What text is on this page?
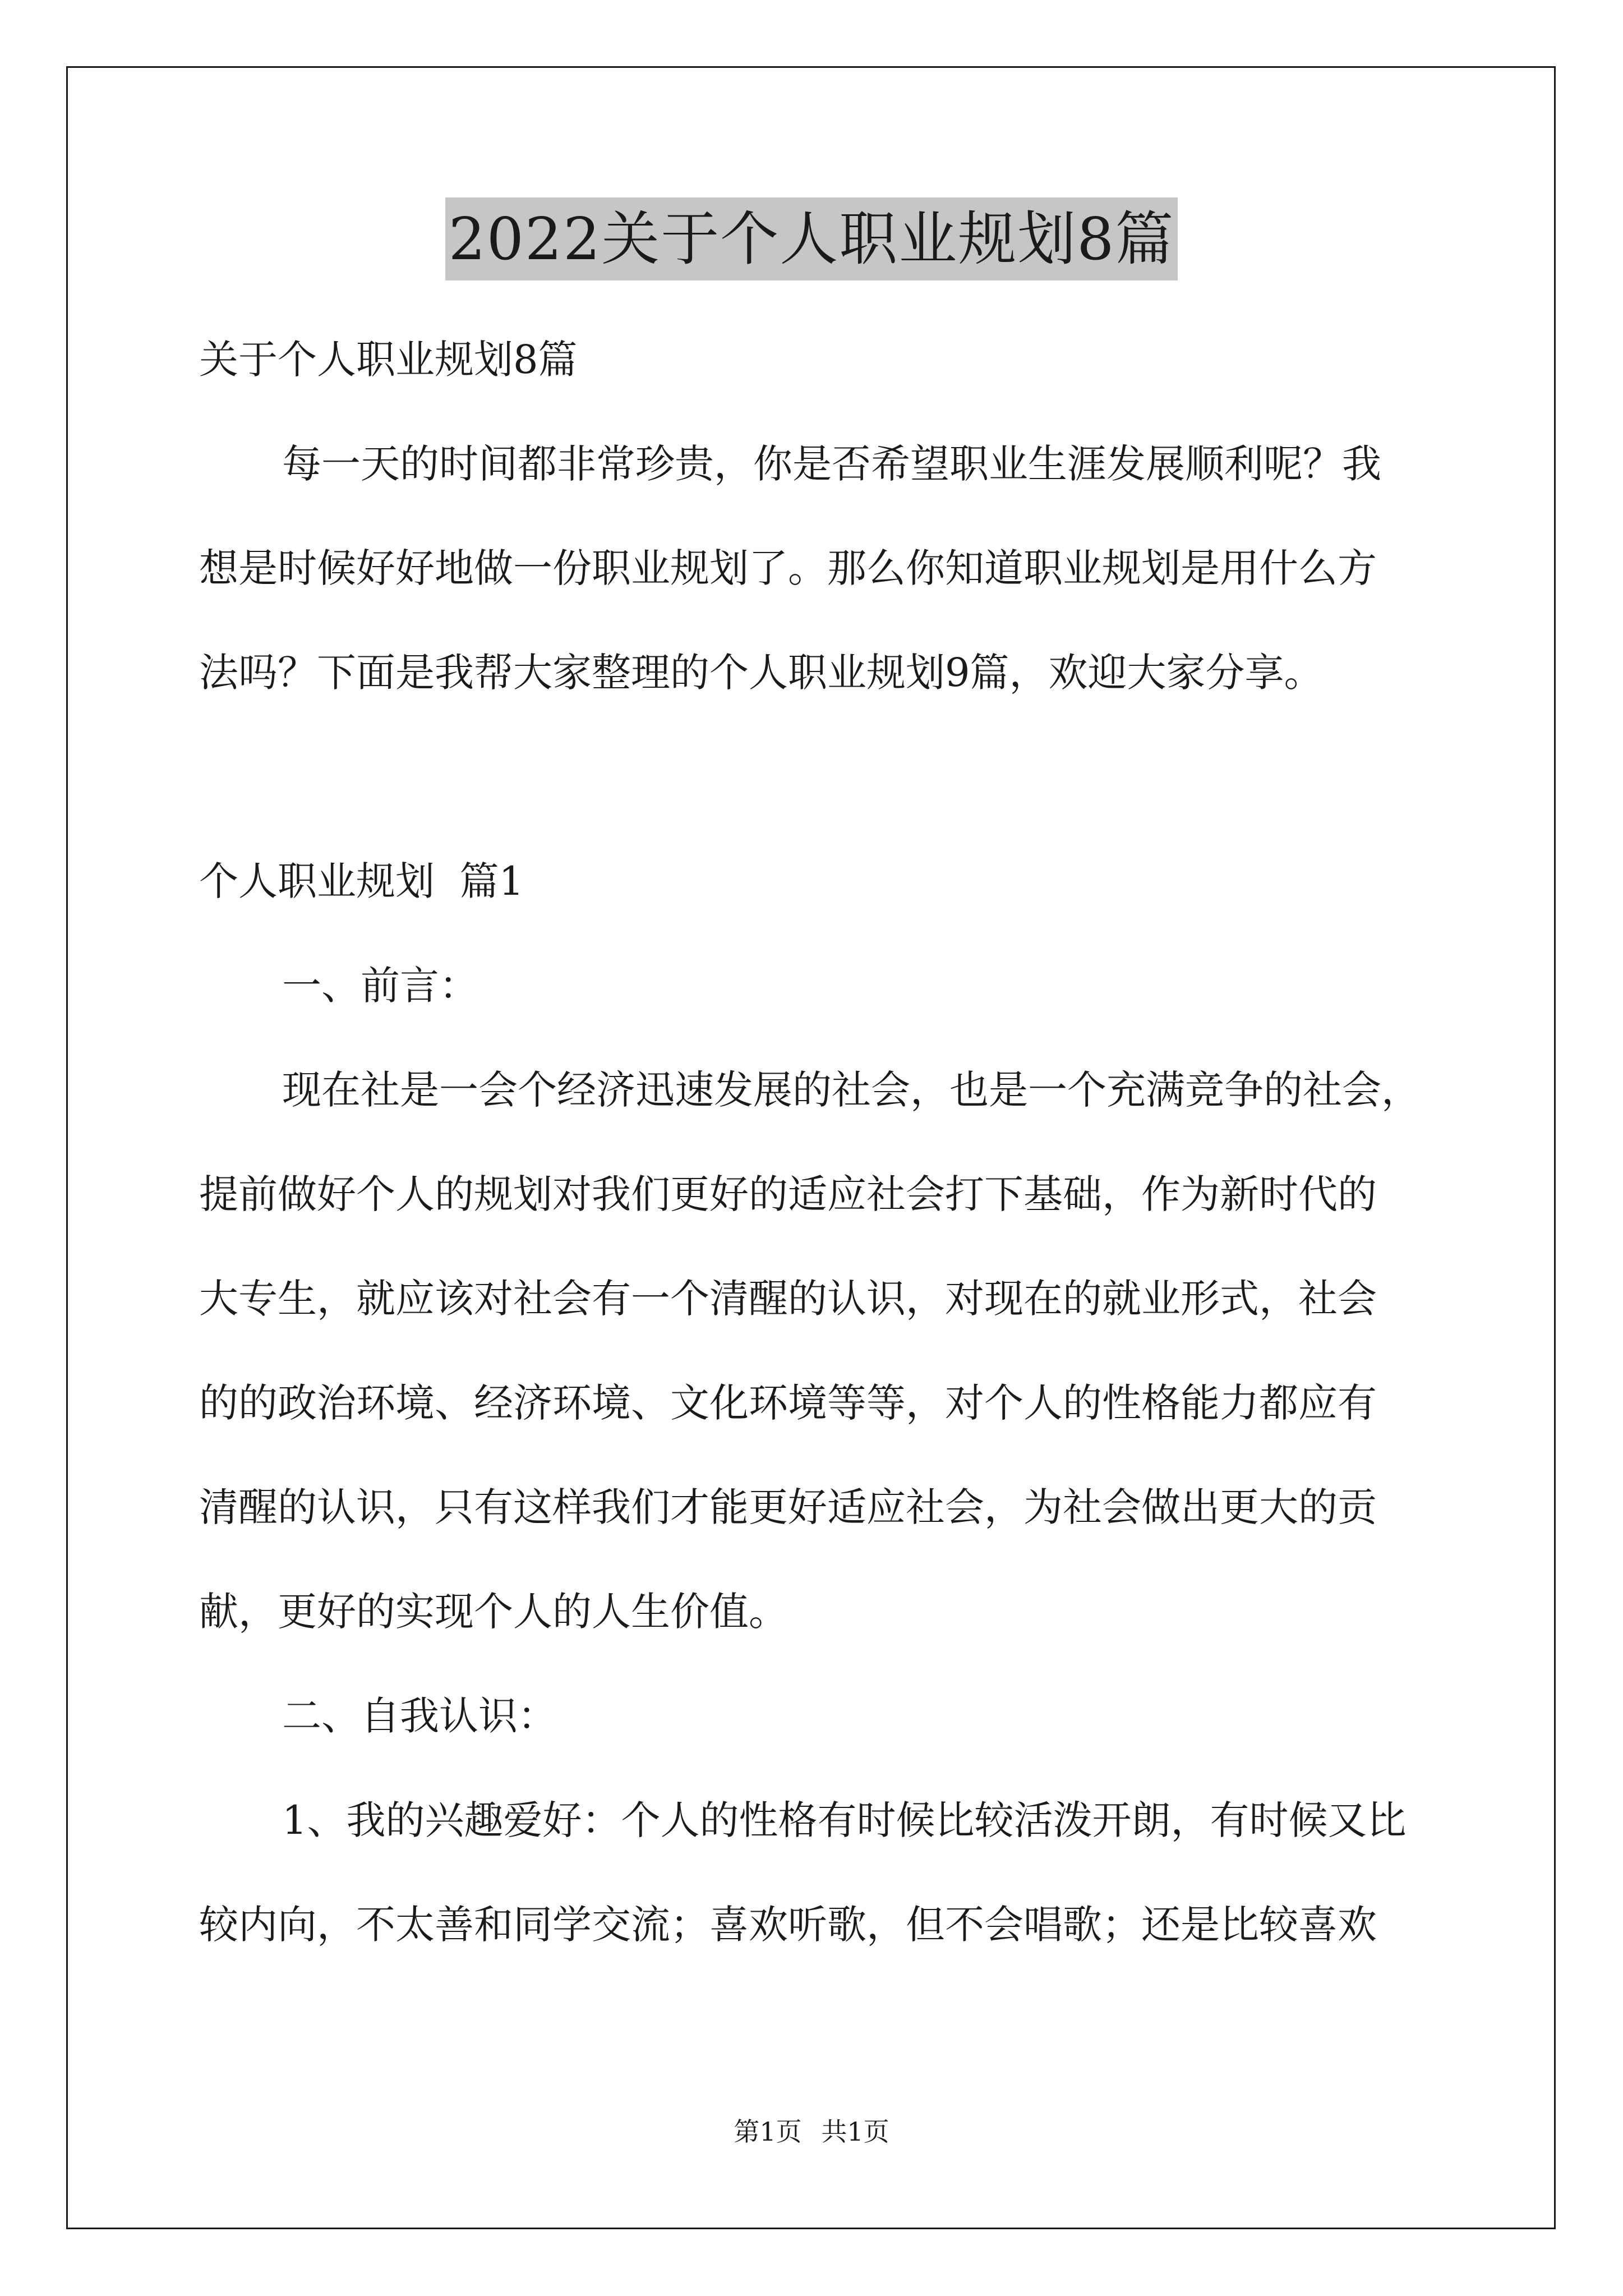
2022关于个人职业规划8篇

关于个人职业规划8篇

每一天的时间都非常珍贵，你是否希望职业生涯发展顺利呢？我

想是时候好好地做一份职业规划了。那么你知道职业规划是用什么方

法吗？下面是我帮大家整理的个人职业规划9篇，欢迎大家分享。

个人职业规划  篇1

一、前言：

现在社是一会个经济迅速发展的社会，也是一个充满竞争的社会，

提前做好个人的规划对我们更好的适应社会打下基础，作为新时代的

大专生，就应该对社会有一个清醒的认识，对现在的就业形式，社会

的的政治环境、经济环境、文化环境等等，对个人的性格能力都应有

清醒的认识，只有这样我们才能更好适应社会，为社会做出更大的贡

献，更好的实现个人的人生价值。

二、自我认识：

1、我的兴趣爱好：个人的性格有时候比较活泼开朗，有时候又比

较内向，不太善和同学交流；喜欢听歌，但不会唱歌；还是比较喜欢

第1页 共1页
